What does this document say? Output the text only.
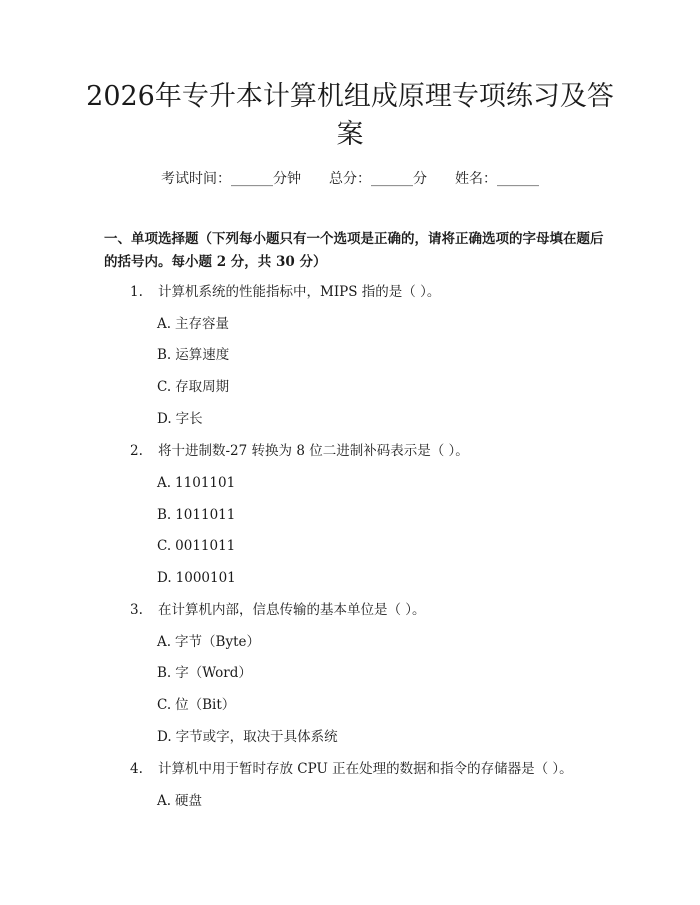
2026年专升本计算机组成原理专项练习及答案
考试时间：______分钟 总分：______分 姓名：______

一、单项选择题（下列每小题只有一个选项是正确的，请将正确选项的字母填在题后的括号内。每小题 2 分，共 30 分）

1. 计算机系统的性能指标中，MIPS 指的是（ ）。
A. 主存容量
B. 运算速度
C. 存取周期
D. 字长
2. 将十进制数-27 转换为 8 位二进制补码表示是（ ）。
A. 1101101
B. 1011011
C. 0011011
D. 1000101
3. 在计算机内部，信息传输的基本单位是（ ）。
A. 字节（Byte）
B. 字（Word）
C. 位（Bit）
D. 字节或字，取决于具体系统
4. 计算机中用于暂时存放 CPU 正在处理的数据和指令的存储器是（ ）。
A. 硬盘
